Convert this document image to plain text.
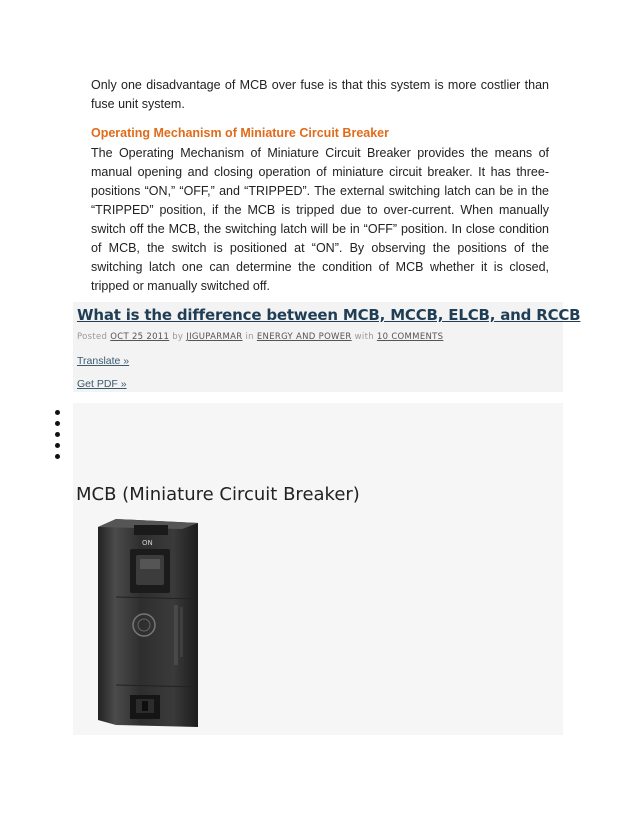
Only one disadvantage of MCB over fuse is that this system is more costlier than fuse unit system.

Operating Mechanism of Miniature Circuit Breaker

The Operating Mechanism of Miniature Circuit Breaker provides the means of manual opening and closing operation of miniature circuit breaker. It has three-positions “ON,” “OFF,” and “TRIPPED”. The external switching latch can be in the “TRIPPED” position, if the MCB is tripped due to over-current. When manually switch off the MCB, the switching latch will be in “OFF” position. In close condition of MCB, the switch is positioned at “ON”. By observing the positions of the switching latch one can determine the condition of MCB whether it is closed, tripped or manually switched off.

What is the difference between MCB, MCCB, ELCB, and RCCB
Posted OCT 25 2011 by JIGUPARMAR in ENERGY AND POWER with 10 COMMENTS
Translate »
Get PDF »
MCB (Miniature Circuit Breaker)
ON
